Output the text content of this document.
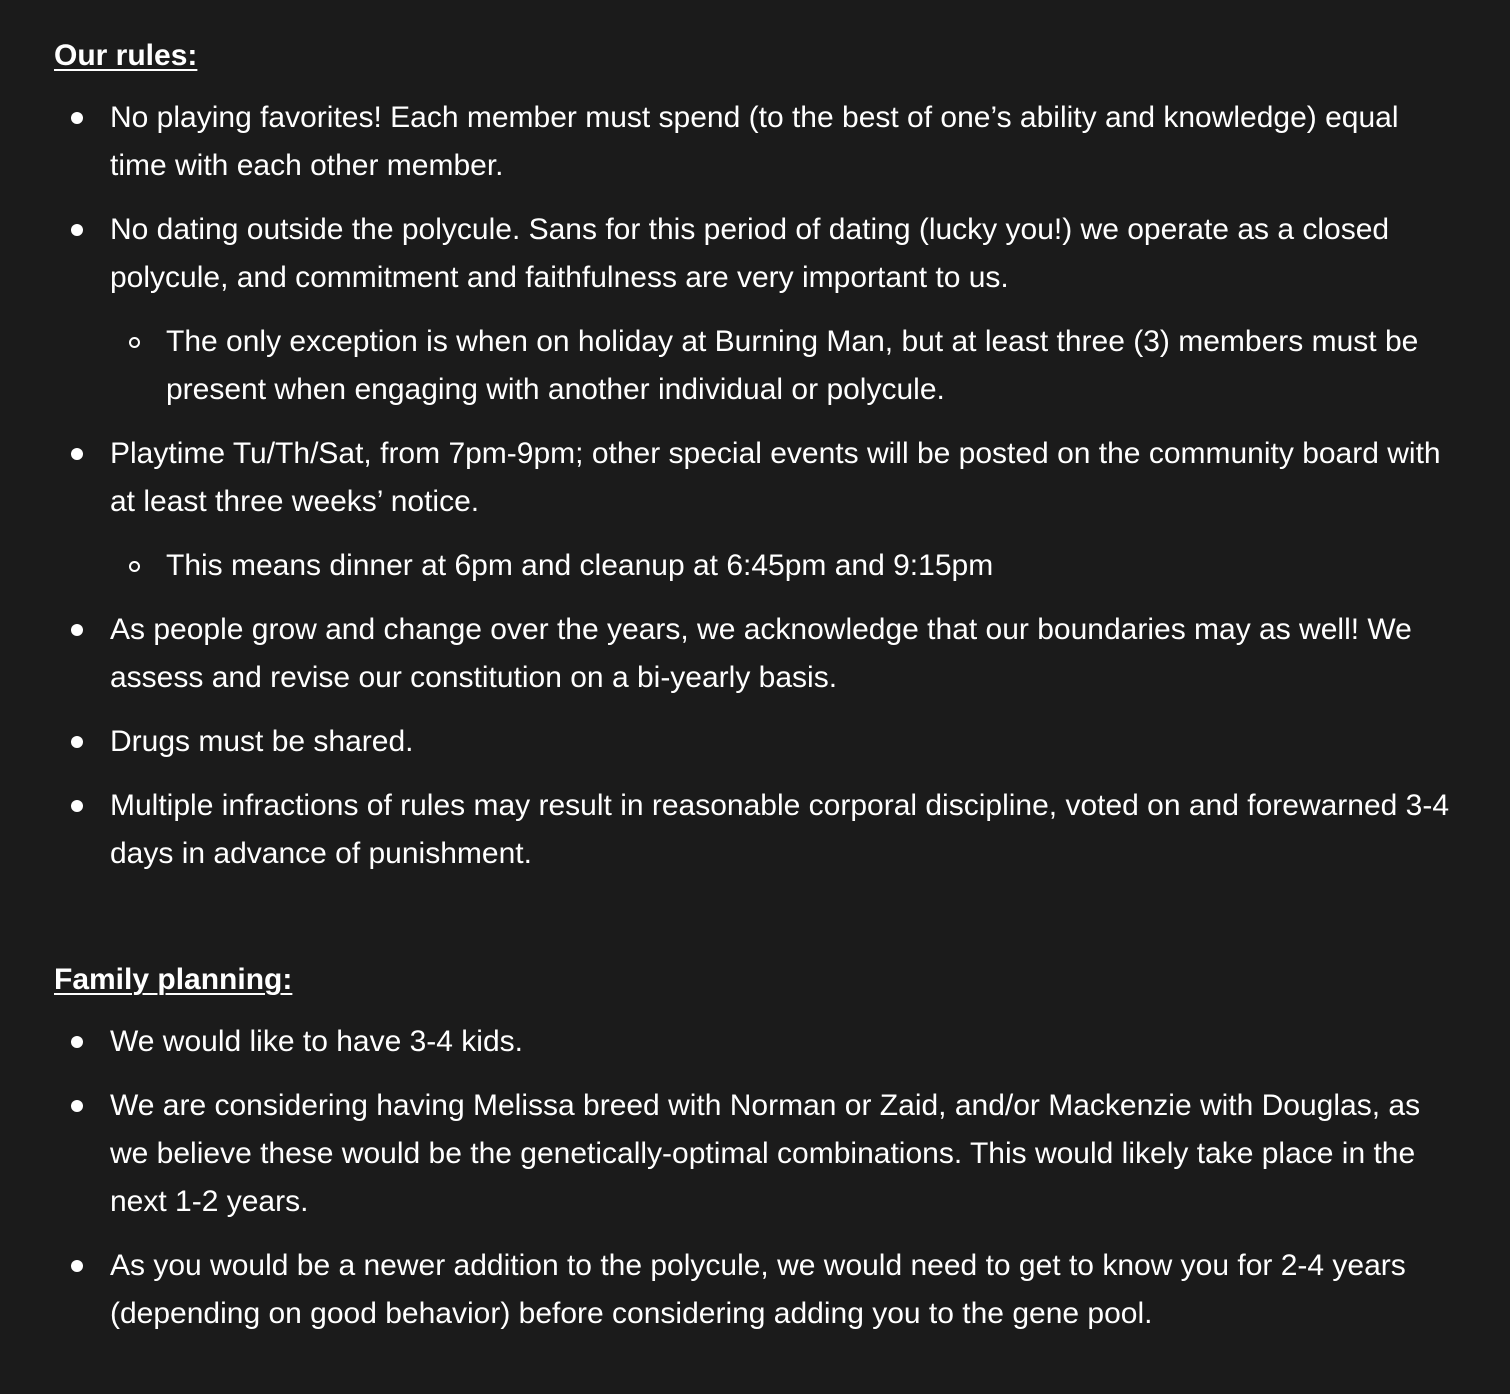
Our rules:
No playing favorites! Each member must spend (to the best of one’s ability and knowledge) equal time with each other member.
No dating outside the polycule. Sans for this period of dating (lucky you!) we operate as a closed polycule, and commitment and faithfulness are very important to us.
The only exception is when on holiday at Burning Man, but at least three (3) members must be present when engaging with another individual or polycule.
Playtime Tu/Th/Sat, from 7pm-9pm; other special events will be posted on the community board with at least three weeks’ notice.
This means dinner at 6pm and cleanup at 6:45pm and 9:15pm
As people grow and change over the years, we acknowledge that our boundaries may as well! We assess and revise our constitution on a bi-yearly basis.
Drugs must be shared.
Multiple infractions of rules may result in reasonable corporal discipline, voted on and forewarned 3-4 days in advance of punishment.
Family planning:
We would like to have 3-4 kids.
We are considering having Melissa breed with Norman or Zaid, and/or Mackenzie with Douglas, as we believe these would be the genetically-optimal combinations. This would likely take place in the next 1-2 years.
As you would be a newer addition to the polycule, we would need to get to know you for 2-4 years (depending on good behavior) before considering adding you to the gene pool.
